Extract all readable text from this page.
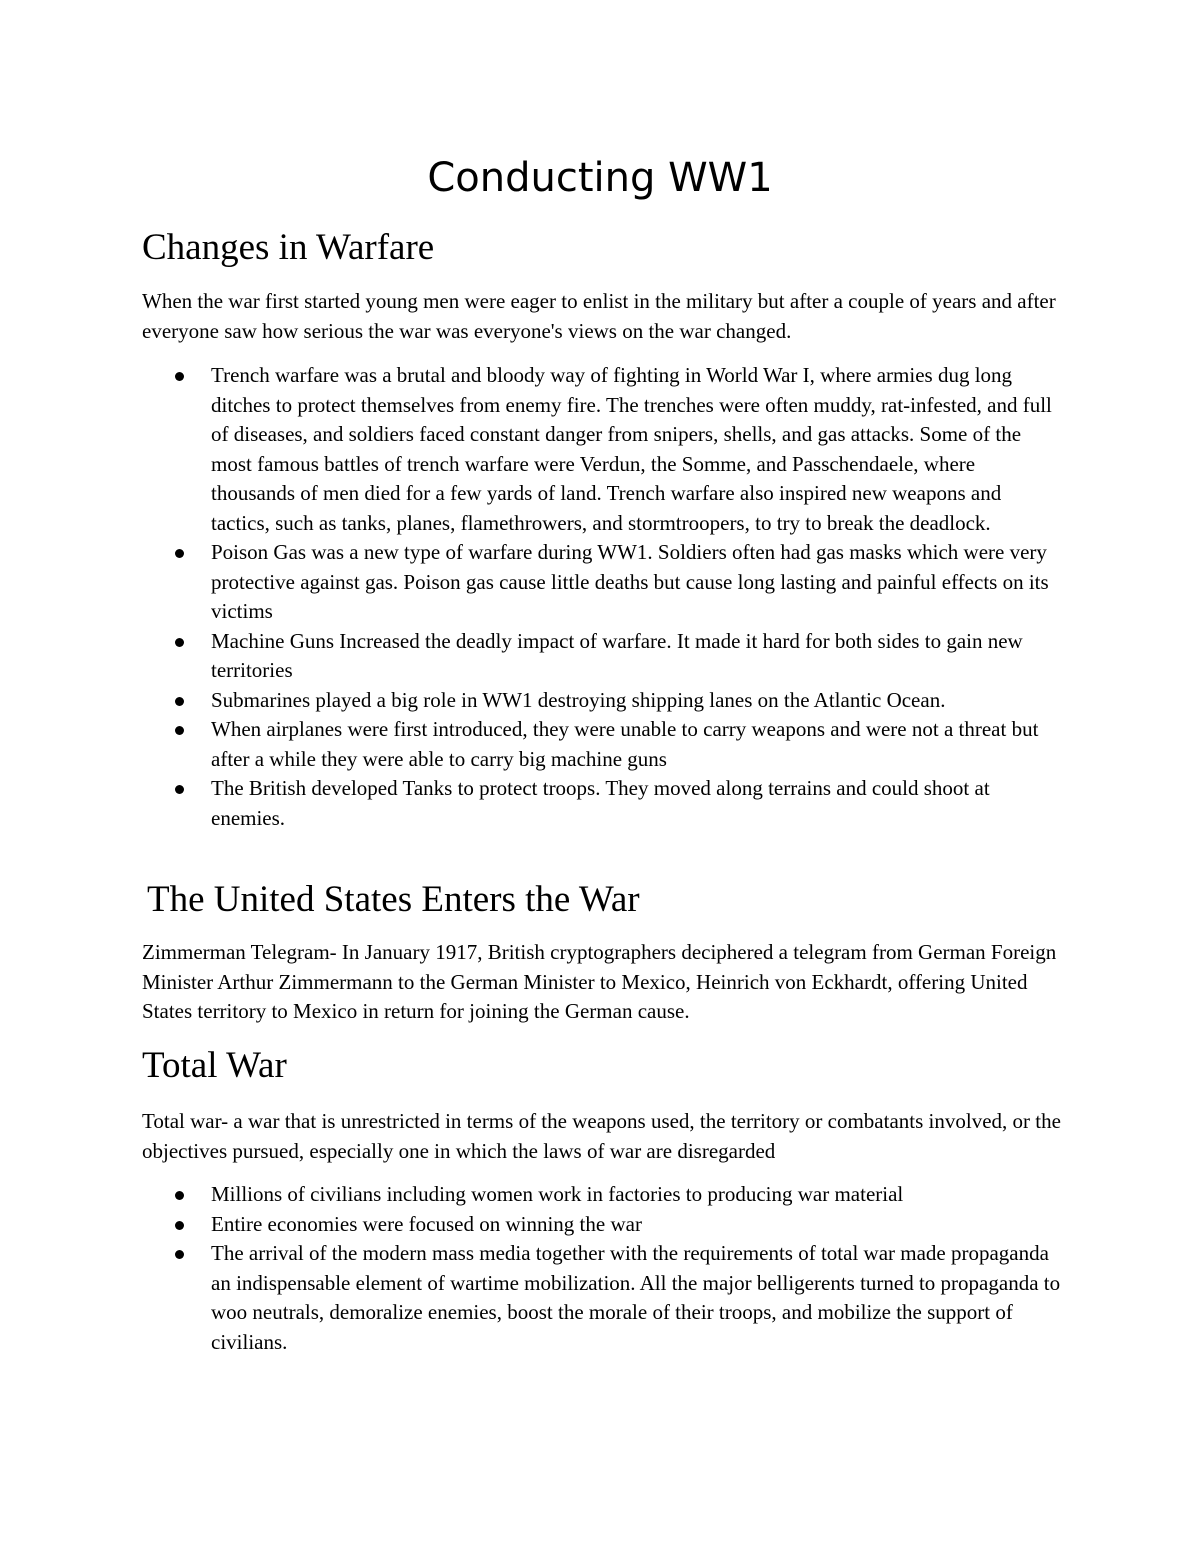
Conducting WW1
Changes in Warfare

When the war first started young men were eager to enlist in the military but after a couple of years and after everyone saw how serious the war was everyone's views on the war changed.

Trench warfare was a brutal and bloody way of fighting in World War I, where armies dug long ditches to protect themselves from enemy fire. The trenches were often muddy, rat-infested, and full of diseases, and soldiers faced constant danger from snipers, shells, and gas attacks. Some of the most famous battles of trench warfare were Verdun, the Somme, and Passchendaele, where thousands of men died for a few yards of land. Trench warfare also inspired new weapons and tactics, such as tanks, planes, flamethrowers, and stormtroopers, to try to break the deadlock.
Poison Gas was a new type of warfare during WW1. Soldiers often had gas masks which were very protective against gas. Poison gas cause little deaths but cause long lasting and painful effects on its victims
Machine Guns Increased the deadly impact of warfare. It made it hard for both sides to gain new territories
Submarines played a big role in WW1 destroying shipping lanes on the Atlantic Ocean.
When airplanes were first introduced, they were unable to carry weapons and were not a threat but after a while they were able to carry big machine guns
The British developed Tanks to protect troops. They moved along terrains and could shoot at enemies.
The United States Enters the War

Zimmerman Telegram- In January 1917, British cryptographers deciphered a telegram from German Foreign Minister Arthur Zimmermann to the German Minister to Mexico, Heinrich von Eckhardt, offering United States territory to Mexico in return for joining the German cause.

Total War

Total war- a war that is unrestricted in terms of the weapons used, the territory or combatants involved, or the objectives pursued, especially one in which the laws of war are disregarded

Millions of civilians including women work in factories to producing war material
Entire economies were focused on winning the war
The arrival of the modern mass media together with the requirements of total war made propaganda an indispensable element of wartime mobilization. All the major belligerents turned to propaganda to woo neutrals, demoralize enemies, boost the morale of their troops, and mobilize the support of civilians.
